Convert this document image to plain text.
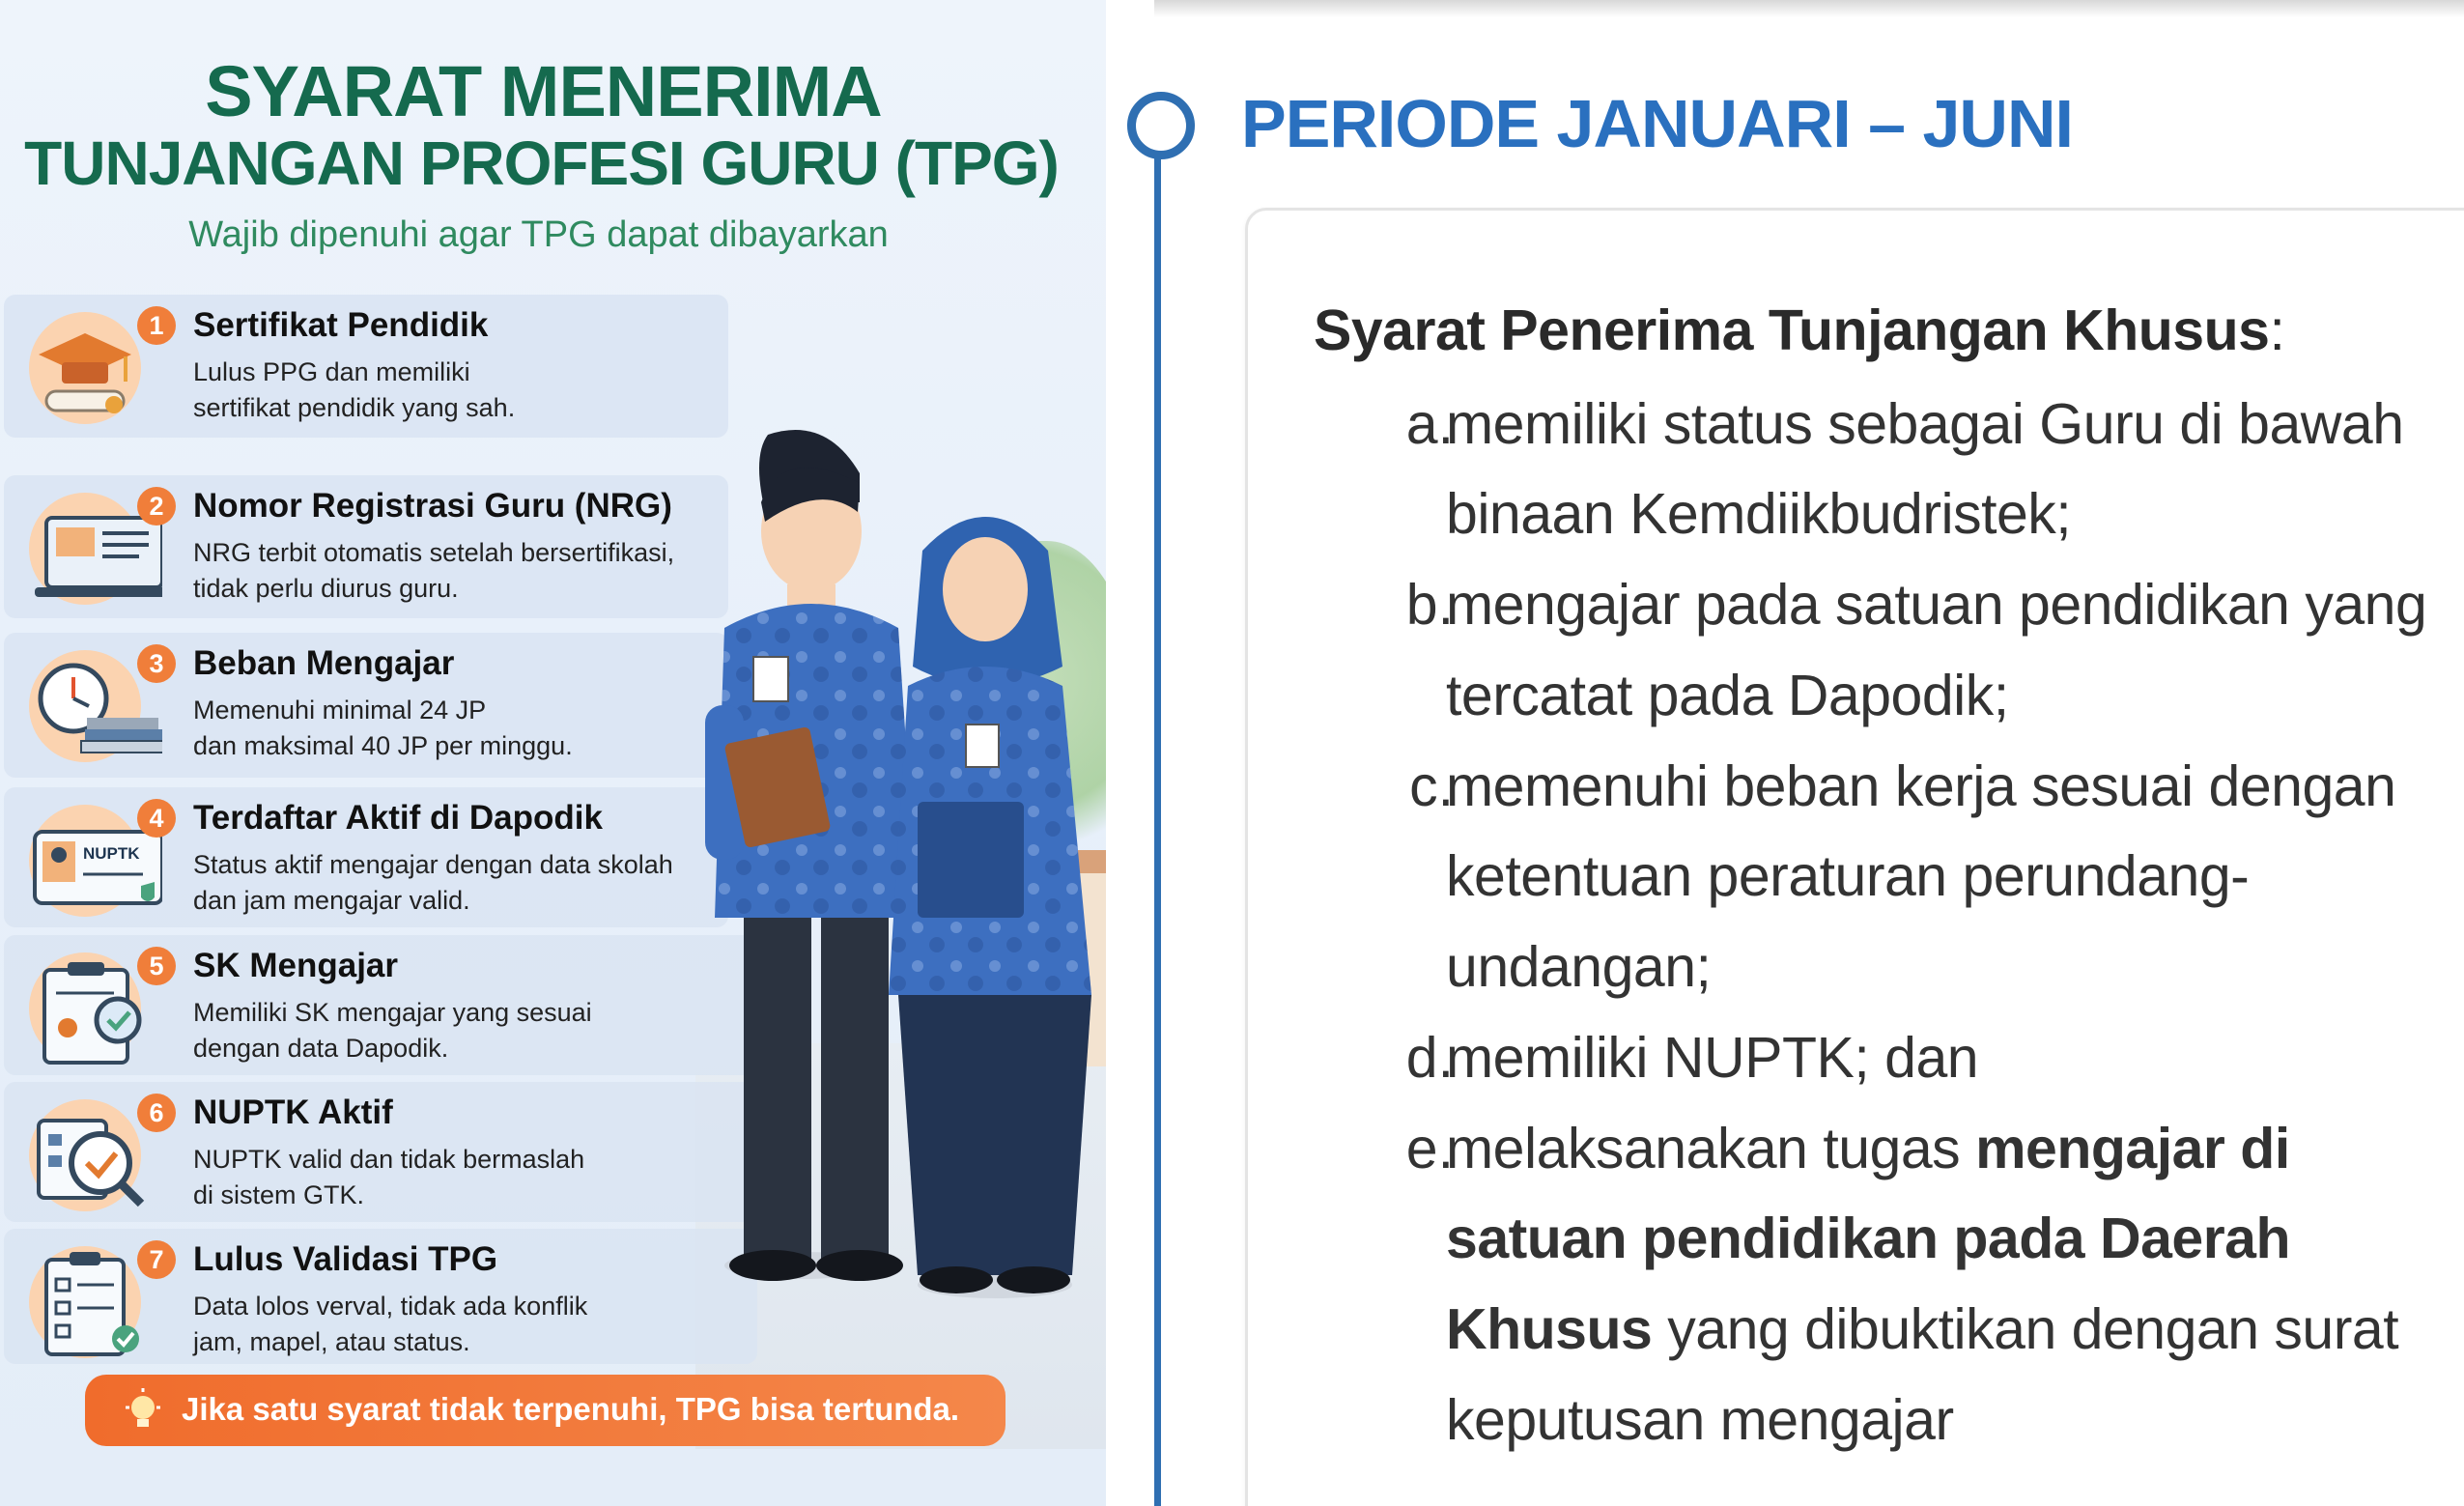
SYARAT MENERIMA
TUNJANGAN PROFESI GURU (TPG)
Wajib dipenuhi agar TPG dapat dibayarkan
1 Sertifikat Pendidik
Lulus PPG dan memiliki
sertifikat pendidik yang sah.
2 Nomor Registrasi Guru (NRG)
NRG terbit otomatis setelah bersertifikasi,
tidak perlu diurus guru.
3 Beban Mengajar
Memenuhi minimal 24 JP
dan maksimal 40 JP per minggu.
NUPTK
4 Terdaftar Aktif di Dapodik
Status aktif mengajar dengan data skolah
dan jam mengajar valid.
5 SK Mengajar
Memiliki SK mengajar yang sesuai
dengan data Dapodik.
6 NUPTK Aktif
NUPTK valid dan tidak bermaslah
di sistem GTK.
7 Lulus Validasi TPG
Data lolos verval, tidak ada konflik
jam, mapel, atau status.
Jika satu syarat tidak terpenuhi, TPG bisa tertunda.
PERIODE JANUARI – JUNI
Syarat Penerima Tunjangan Khusus:
a.
memiliki status sebagai Guru di bawah
binaan Kemdiikbudristek;
b.
mengajar pada satuan pendidikan yang
tercatat pada Dapodik;
c.
memenuhi beban kerja sesuai dengan
ketentuan peraturan perundang-
undangan;
d.
memiliki NUPTK; dan
e.
melaksanakan tugas mengajar di
satuan pendidikan pada Daerah
Khusus yang dibuktikan dengan surat
keputusan mengajar
